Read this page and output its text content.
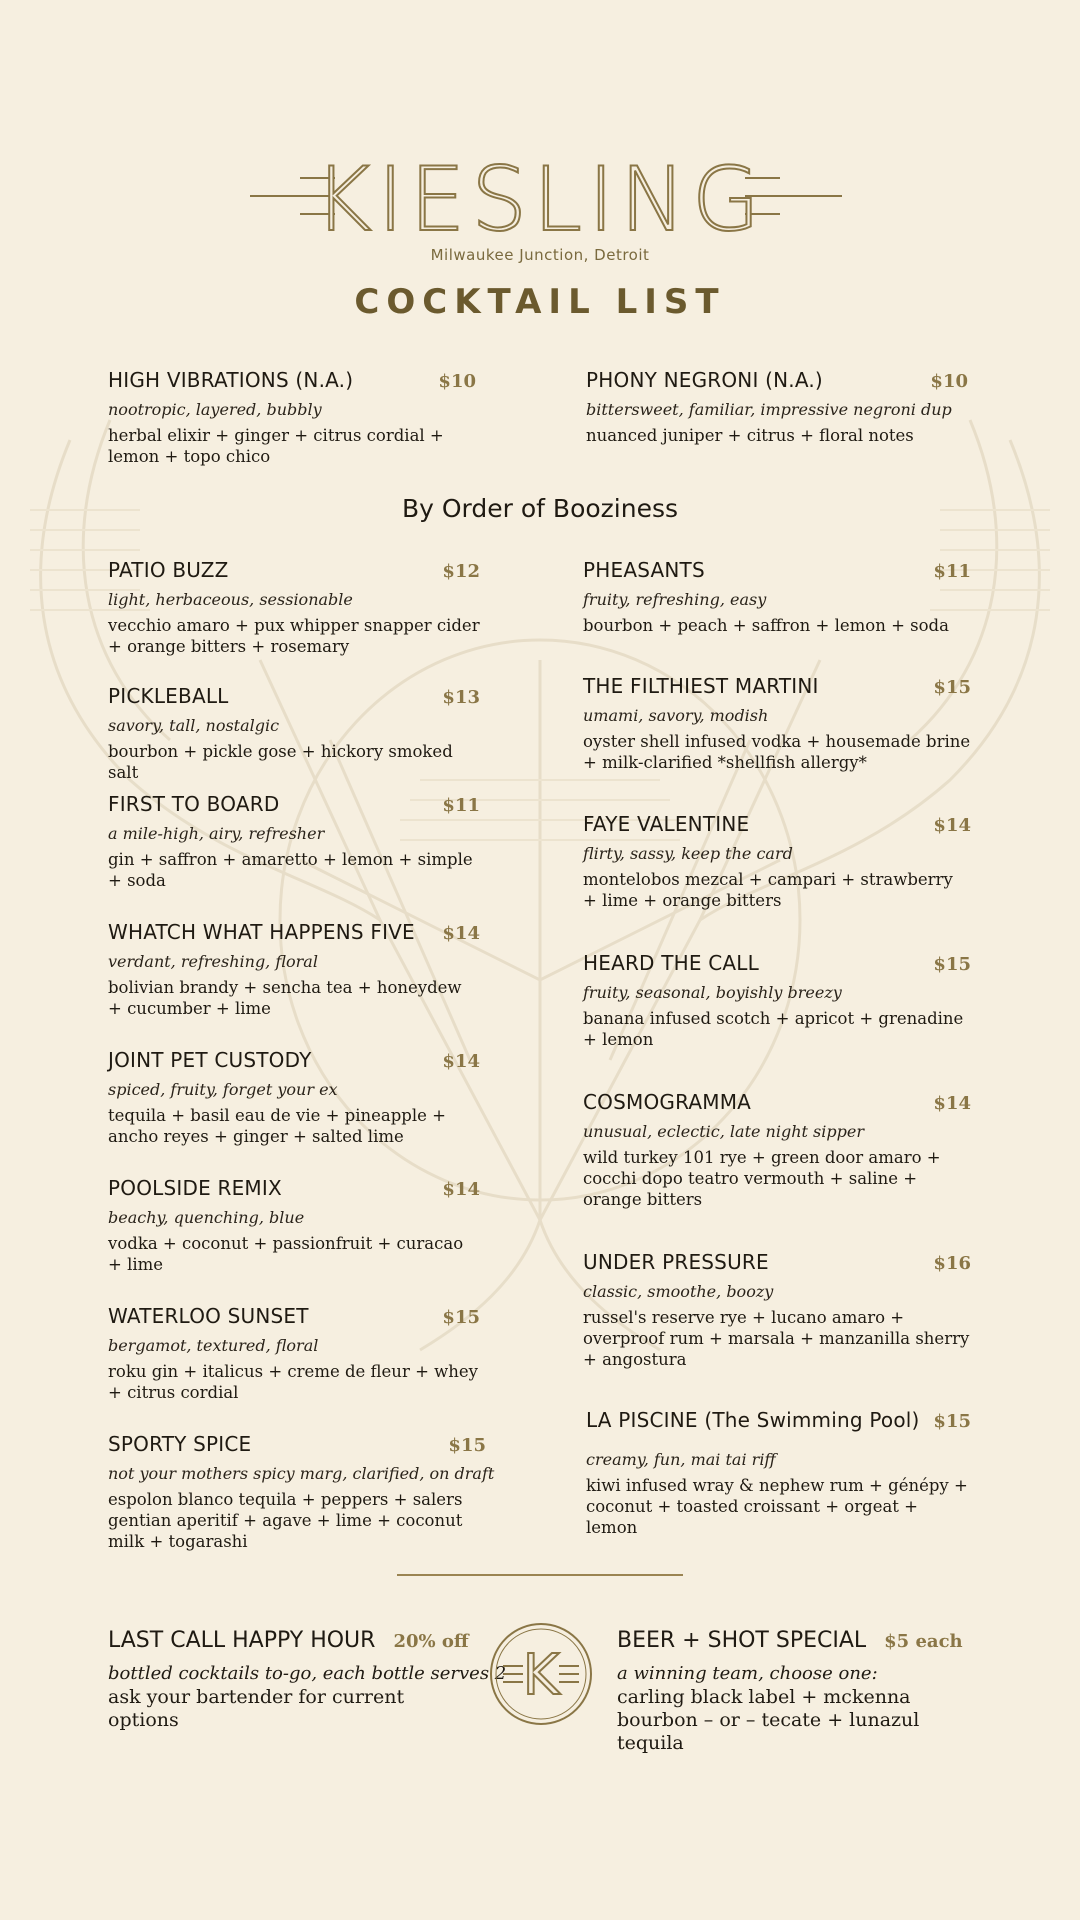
KIESLING
Milwaukee Junction, Detroit
COCKTAIL LIST
HIGH VIBRATIONS (N.A.)	$10
nootropic, layered, bubbly
herbal elixir + ginger + citrus cordial + lemon + topo chico
PHONY NEGRONI (N.A.)	$10
bittersweet, familiar, impressive negroni dup
nuanced juniper + citrus + floral notes
By Order of Booziness
PATIO BUZZ	$12
light, herbaceous, sessionable
vecchio amaro + pux whipper snapper cider + orange bitters + rosemary
PICKLEBALL	$13
savory, tall, nostalgic
bourbon + pickle gose + hickory smoked salt
FIRST TO BOARD	$11
a mile-high, airy, refresher
gin + saffron + amaretto + lemon + simple + soda
WHATCH WHAT HAPPENS FIVE $14
verdant, refreshing, floral
bolivian brandy + sencha tea + honeydew + cucumber + lime
JOINT PET CUSTODY	$14
spiced, fruity, forget your ex
tequila + basil eau de vie + pineapple + ancho reyes + ginger + salted lime
POOLSIDE REMIX	$14
beachy, quenching, blue
vodka + coconut + passionfruit + curacao + lime
WATERLOO SUNSET	$15
bergamot, textured, floral
roku gin + italicus + creme de fleur + whey + citrus cordial
SPORTY SPICE	$15
not your mothers spicy marg, clarified, on draft
espolon blanco tequila + peppers + salers gentian aperitif + agave + lime + coconut milk + togarashi
PHEASANTS	$11
fruity, refreshing, easy
bourbon + peach + saffron + lemon + soda
THE FILTHIEST MARTINI	$15
umami, savory, modish
oyster shell infused vodka + housemade brine + milk-clarified *shellfish allergy*
FAYE VALENTINE	$14
flirty, sassy, keep the card
montelobos mezcal + campari + strawberry + lime + orange bitters
HEARD THE CALL	$15
fruity, seasonal, boyishly breezy
banana infused scotch + apricot + grenadine + lemon
COSMOGRAMMA	$14
unusual, eclectic, late night sipper
wild turkey 101 rye + green door amaro + cocchi dopo teatro vermouth + saline + orange bitters
UNDER PRESSURE	$16
classic, smoothe, boozy
russel's reserve rye + lucano amaro + overproof rum + marsala + manzanilla sherry + angostura
LA PISCINE (The Swimming Pool) $15
creamy, fun, mai tai riff
kiwi infused wray & nephew rum + génépy + coconut + toasted croissant + orgeat + lemon
LAST CALL HAPPY HOUR 20% off
bottled cocktails to-go, each bottle serves 2
ask your bartender for current options
K
BEER + SHOT SPECIAL $5 each
a winning team, choose one:
carling black label + mckenna bourbon – or – tecate + lunazul tequila
